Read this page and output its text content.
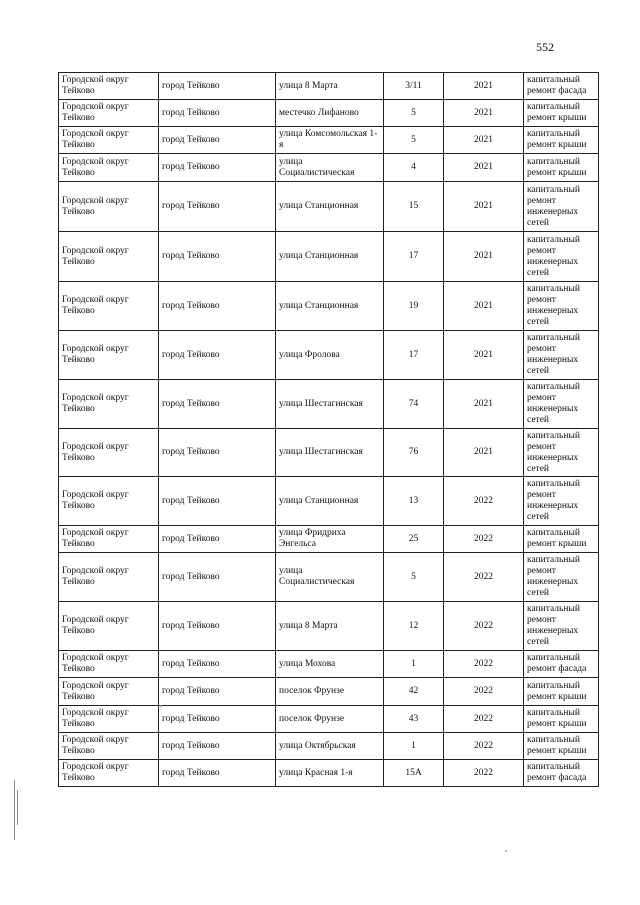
552
Городской округ Тейково	город Тейково	улица 8 Марта	3/11	2021	капитальный ремонт фасада
Городской округ Тейково	город Тейково	местечко Лифаново	5	2021	капитальный ремонт крыши
Городской округ Тейково	город Тейково	улица Комсомольская 1-я	5	2021	капитальный ремонт крыши
Городской округ Тейково	город Тейково	улица Социалистическая	4	2021	капитальный ремонт крыши
Городской округ Тейково	город Тейково	улица Станционная	15	2021	капитальный ремонт инженерных сетей
Городской округ Тейково	город Тейково	улица Станционная	17	2021	капитальный ремонт инженерных сетей
Городской округ Тейково	город Тейково	улица Станционная	19	2021	капитальный ремонт инженерных сетей
Городской округ Тейково	город Тейково	улица Фролова	17	2021	капитальный ремонт инженерных сетей
Городской округ Тейково	город Тейково	улица Шестагинская	74	2021	капитальный ремонт инженерных сетей
Городской округ Тейково	город Тейково	улица Шестагинская	76	2021	капитальный ремонт инженерных сетей
Городской округ Тейково	город Тейково	улица Станционная	13	2022	капитальный ремонт инженерных сетей
Городской округ Тейково	город Тейково	улица Фридриха Энгельса	25	2022	капитальный ремонт крыши
Городской округ Тейково	город Тейково	улица Социалистическая	5	2022	капитальный ремонт инженерных сетей
Городской округ Тейково	город Тейково	улица 8 Марта	12	2022	капитальный ремонт инженерных сетей
Городской округ Тейково	город Тейково	улица Мохова	1	2022	капитальный ремонт фасада
Городской округ Тейково	город Тейково	поселок Фрунзе	42	2022	капитальный ремонт крыши
Городской округ Тейково	город Тейково	поселок Фрунзе	43	2022	капитальный ремонт крыши
Городской округ Тейково	город Тейково	улица Октябрьская	1	2022	капитальный ремонт крыши
Городской округ Тейково	город Тейково	улица Красная 1-я	15А	2022	капитальный ремонт фасада
